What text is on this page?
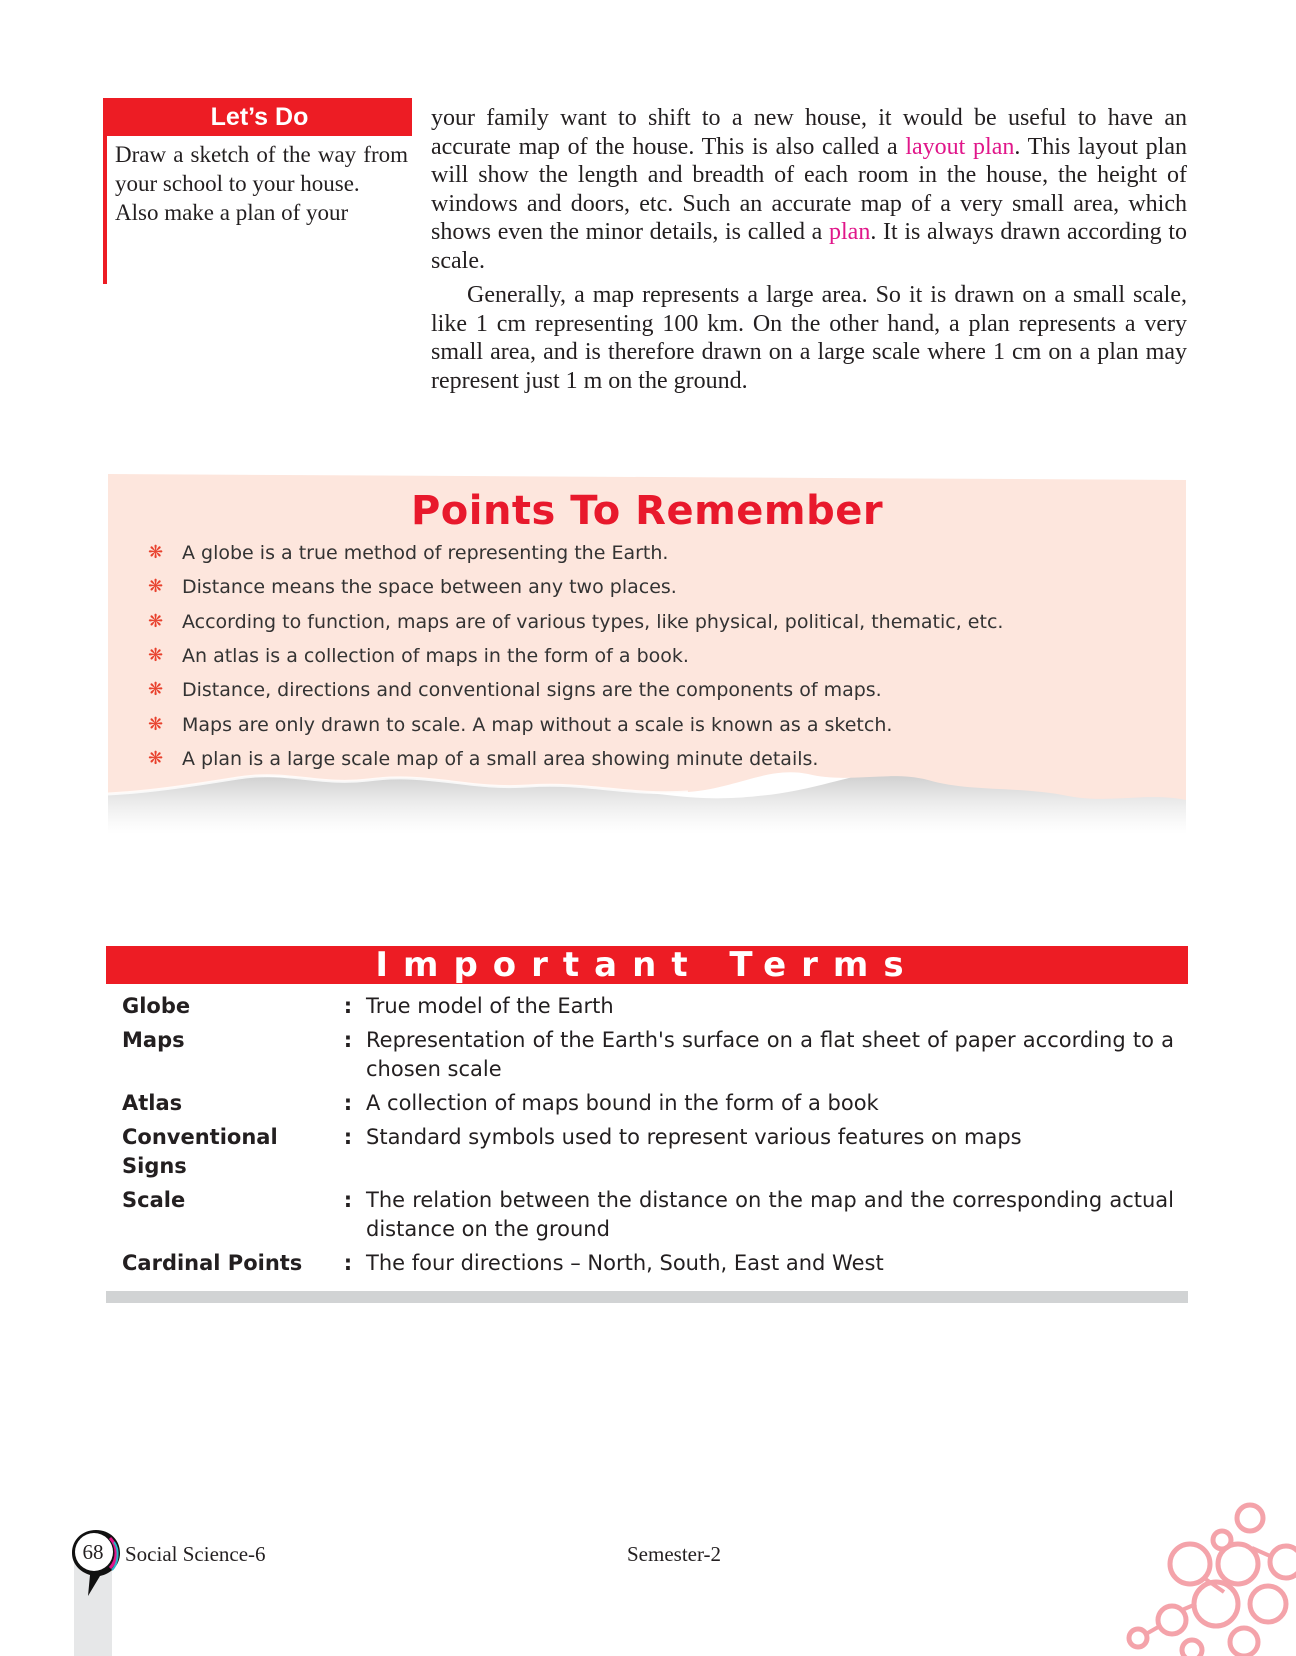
Let’s Do

Draw a sketch of the way from your school to your house.

Also make a plan of your

your family want to shift to a new house, it would be useful to have an accurate map of the house. This is also called a layout plan. This layout plan will show the length and breadth of each room in the house, the height of windows and doors, etc. Such an accurate map of a very small area, which shows even the minor details, is called a plan. It is always drawn according to scale.

Generally, a map represents a large area. So it is drawn on a small scale, like 1 cm representing 100 km. On the other hand, a plan represents a very small area, and is therefore drawn on a large scale where 1 cm on a plan may represent just 1 m on the ground.

Points To Remember
❋ A globe is a true method of representing the Earth.
❋ Distance means the space between any two places.
❋ According to function, maps are of various types, like physical, political, thematic, etc.
❋ An atlas is a collection of maps in the form of a book.
❋ Distance, directions and conventional signs are the components of maps.
❋ Maps are only drawn to scale. A map without a scale is known as a sketch.
❋ A plan is a large scale map of a small area showing minute details.
Important Terms
Globe	:	True model of the Earth
Maps	:	Representation of the Earth's surface on a flat sheet of paper according to a chosen scale
Atlas	:	A collection of maps bound in the form of a book
Conventional Signs	:	Standard symbols used to represent various features on maps
Scale	:	The relation between the distance on the map and the corresponding actual distance on the ground
Cardinal Points	:	The four directions – North, South, East and West
68	Social Science-6	Semester-2
